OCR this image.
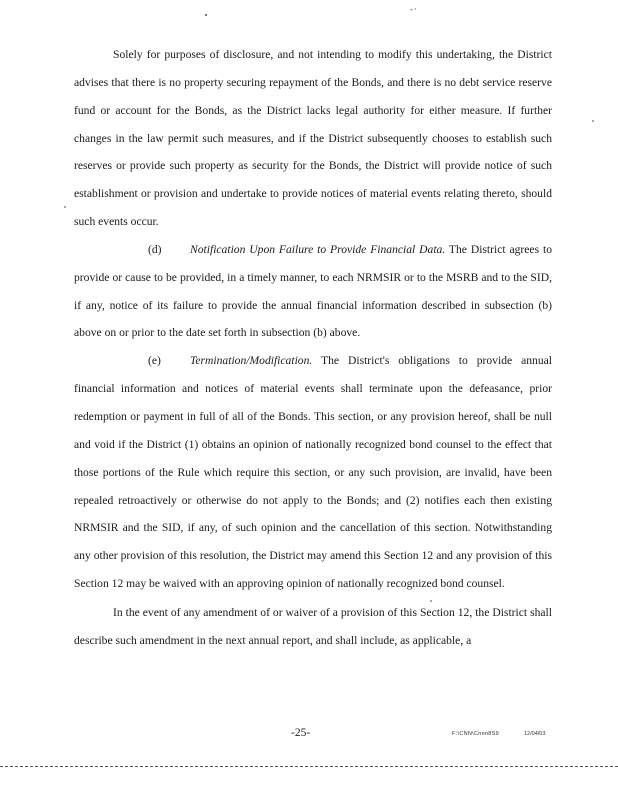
-·

Solely for purposes of disclosure, and not intending to modify this undertaking, the District advises that there is no property securing repayment of the Bonds, and there is no debt service reserve fund or account for the Bonds, as the District lacks legal authority for either measure. If further changes in the law permit such measures, and if the District subsequently chooses to establish such reserves or provide such property as security for the Bonds, the District will provide notice of such establishment or provision and undertake to provide notices of material events relating thereto, should such events occur.

(d) Notification Upon Failure to Provide Financial Data. The District agrees to provide or cause to be provided, in a timely manner, to each NRMSIR or to the MSRB and to the SID, if any, notice of its failure to provide the annual financial information described in subsection (b) above on or prior to the date set forth in subsection (b) above.

(e)	Termination/Modification. The District's obligations to provide annual financial information and notices of material events shall terminate upon the defeasance, prior redemption or payment in full of all of the Bonds. This section, or any provision hereof, shall be null and void if the District (1) obtains an opinion of nationally recognized bond counsel to the effect that those portions of the Rule which require this section, or any such provision, are invalid, have been repealed retroactively or otherwise do not apply to the Bonds; and (2) notifies each then existing NRMSIR and the SID, if any, of such opinion and the cancellation of this section. Notwithstanding any other provision of this resolution, the District may amend this Section 12 and any provision of this Section 12 may be waived with an approving opinion of nationally recognized bond counsel.

In the event of any amendment of or waiver of a provision of this Section 12, the District shall describe such amendment in the next annual report, and shall include, as applicable, a

-25-	F:\CNN\Cnnn8S9	12/04/03
